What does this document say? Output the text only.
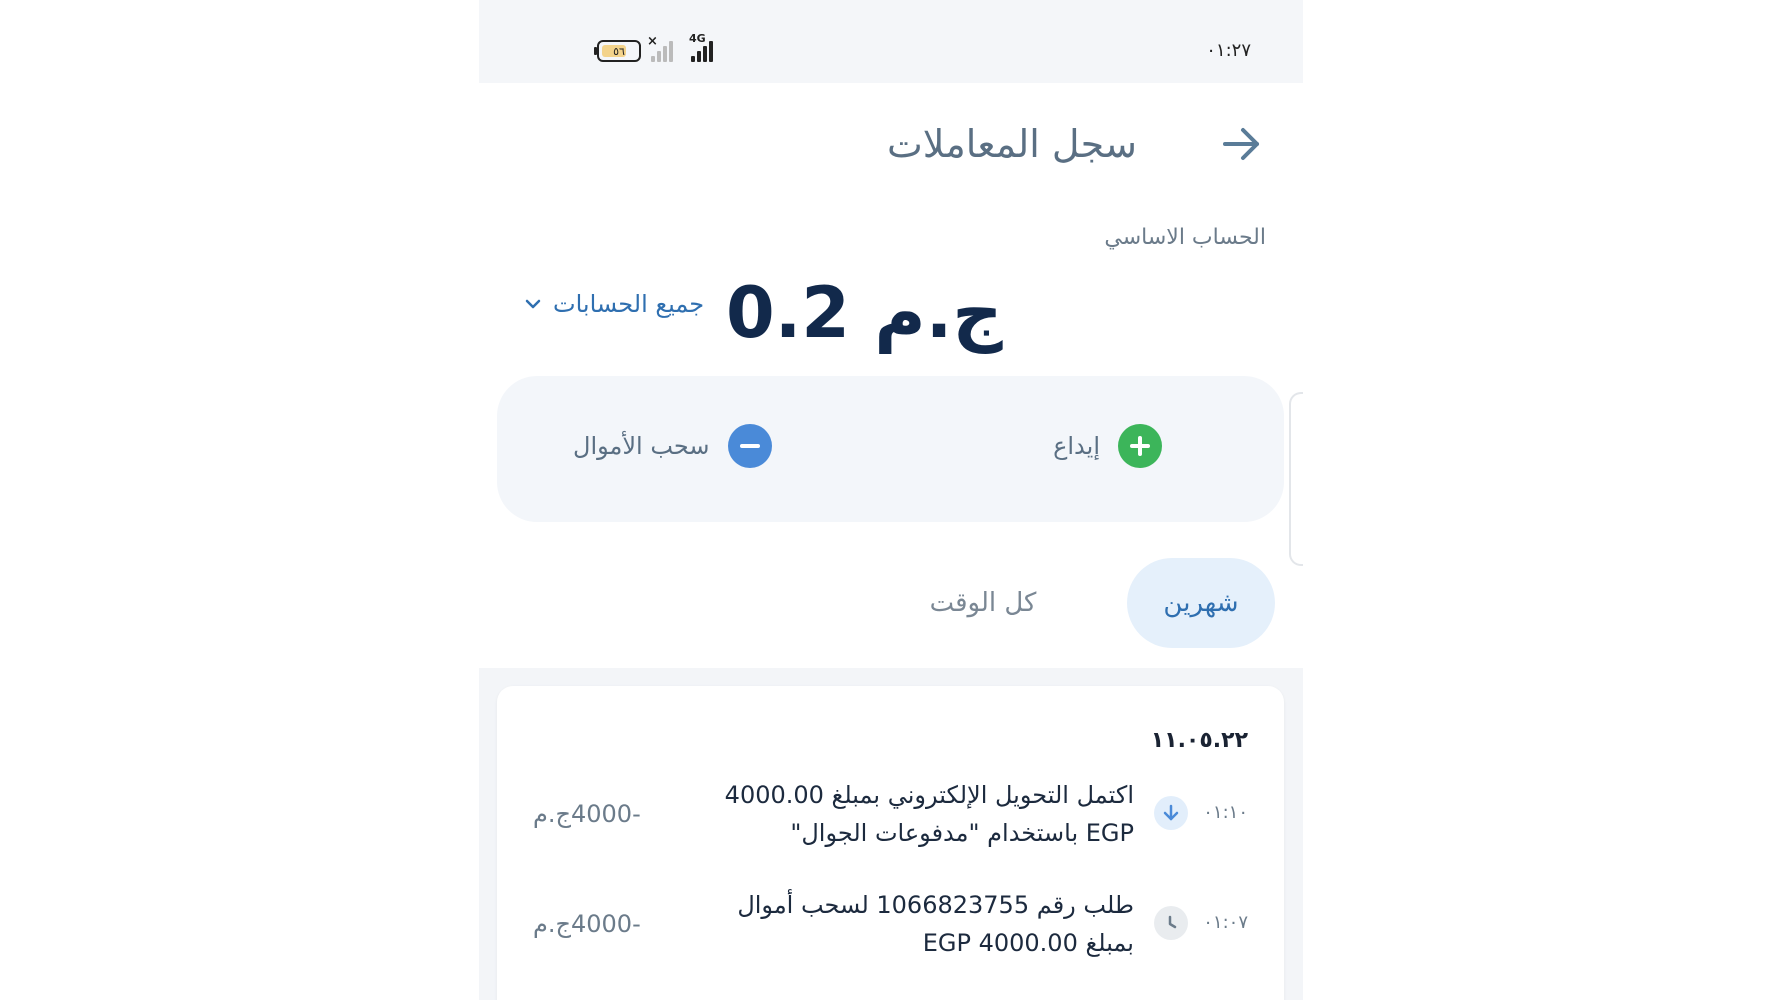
٥٦
×	4G
٠١:٢٧
سجل المعاملات
الحساب الاساسي
ج.م 0.2
جميع الحسابات
إيداع
سحب الأموال
شهرين
كل الوقت
١١.٠٥.٢٢
٠١:١٠
اكتمل التحويل الإلكتروني بمبلغ 4000.00
EGP باستخدام "مدفوعات الجوال"
-4000ج.م
٠١:٠٧
طلب رقم 1066823755 لسحب أموال
بمبلغ EGP 4000.00
-4000ج.م
